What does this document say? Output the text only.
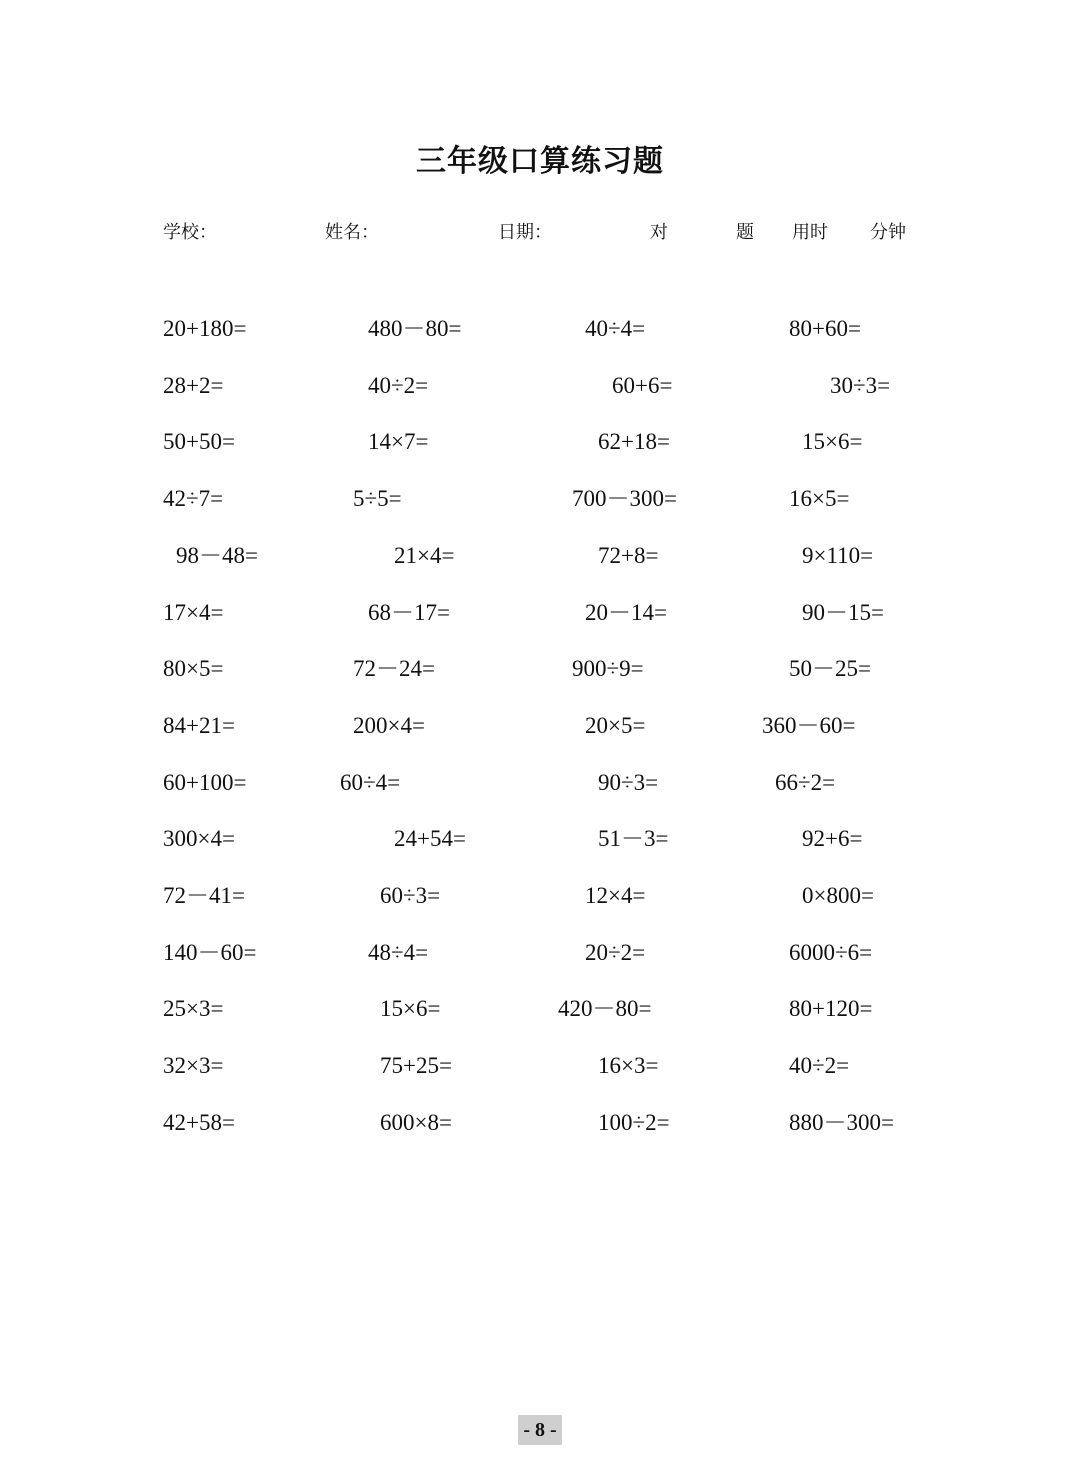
三年级口算练习题
学校：	姓名：	日期：	对	题 用时 分钟
20+180=	480－80=	40÷4=	80+60=
28+2=	40÷2=	60+6=	30÷3=
50+50=	14×7=	62+18=	15×6=
42÷7=	5÷5=	700－300=	16×5=
98－48=	21×4=	72+8=	9×110=
17×4=	68－17=	20－14=	90－15=
80×5=	72－24=	900÷9=	50－25=
84+21=	200×4=	20×5=	360－60=
60+100=	60÷4=	90÷3=	66÷2=
300×4=	24+54=	51－3=	92+6=
72－41=	60÷3=	12×4=	0×800=
140－60=	48÷4=	20÷2=	6000÷6=
25×3=	15×6=	420－80=	80+120=
32×3=	75+25=	16×3=	40÷2=
42+58=	600×8=	100÷2=	880－300=
- 8 -
